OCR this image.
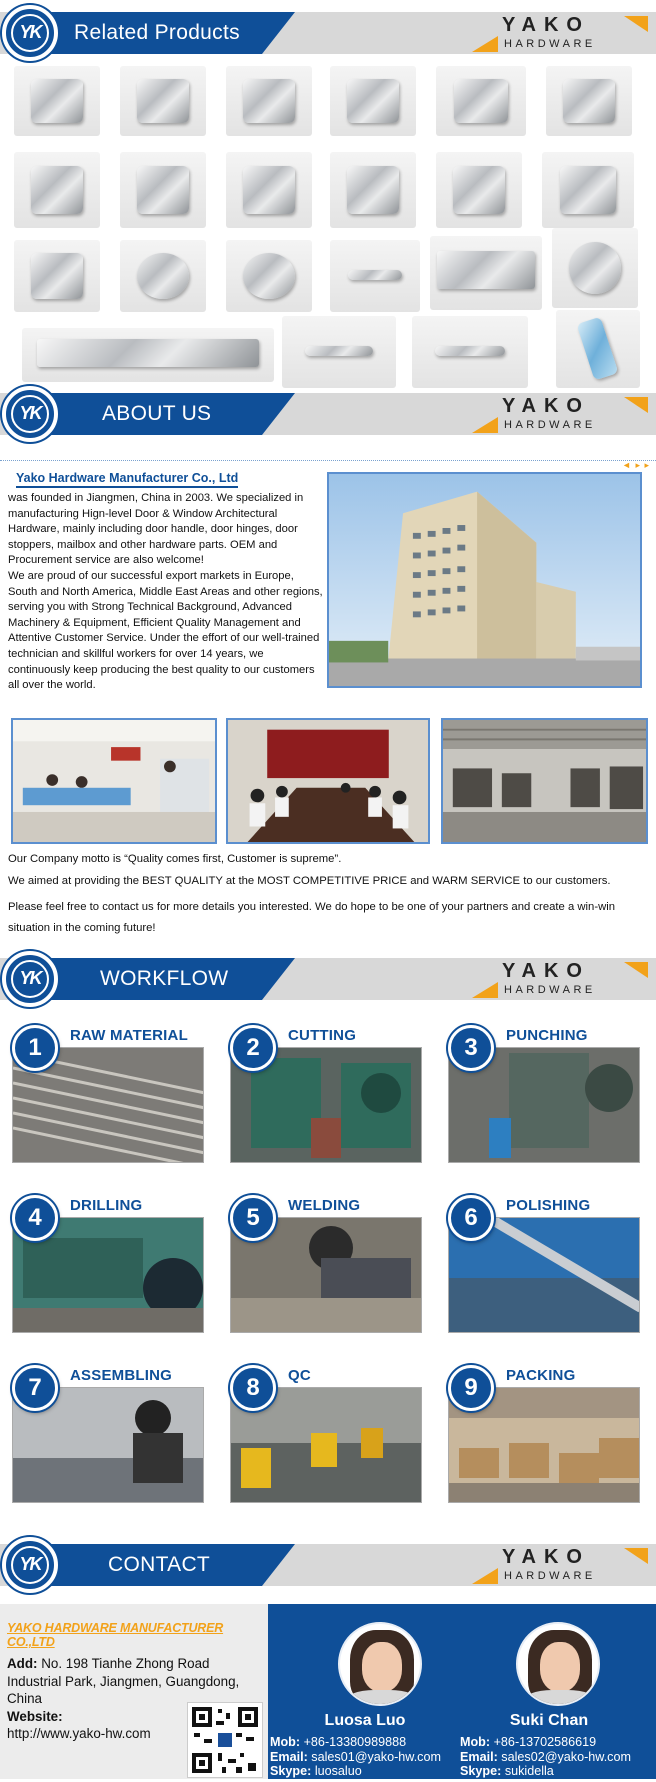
YK	Related Products	YAKO
HARDWARE
YK	ABOUT US	YAKO
HARDWARE
Yako Hardware Manufacturer Co., Ltd
◄ ▸ ▸

was founded in Jiangmen, China in 2003. We specialized in manufacturing Hign-level Door & Window Architectural Hardware, mainly including door handle, door hinges, door stoppers, mailbox and other hardware parts. OEM and Procurement service are also welcome!

We are proud of our successful export markets in Europe, South and North America, Middle East Areas and other regions, serving you with Strong Technical Background, Advanced Machinery & Equipment, Efficient Quality Management and Attentive Customer Service. Under the effort of our well-trained technician and skillful workers for over 14 years, we continuously keep producing the best quality to our customers all over the world.

Our Company motto is “Quality comes first, Customer is supreme”.
We aimed at providing the BEST QUALITY at the MOST COMPETITIVE PRICE and WARM SERVICE to our customers.
Please feel free to contact us for more details you interested. We do hope to be one of your partners and create a win-win situation in the coming future!
YK	WORKFLOW	YAKO
HARDWARE
1	RAW MATERIAL	2	CUTTING	3	PUNCHING
4	DRILLING	5	WELDING	6	POLISHING
7	ASSEMBLING	8	QC	9	PACKING
YK	CONTACT	YAKO
HARDWARE
YAKO HARDWARE MANUFACTURER CO.,LTD
Add: No. 198 Tianhe Zhong Road Industrial Park, Jiangmen, Guangdong, China
Website:
http://www.yako-hw.com
Luosa Luo
Mob: +86-13380989888
Email: sales01@yako-hw.com
Skype: luosaluo
Suki Chan
Mob: +86-13702586619
Email: sales02@yako-hw.com
Skype: sukidella
